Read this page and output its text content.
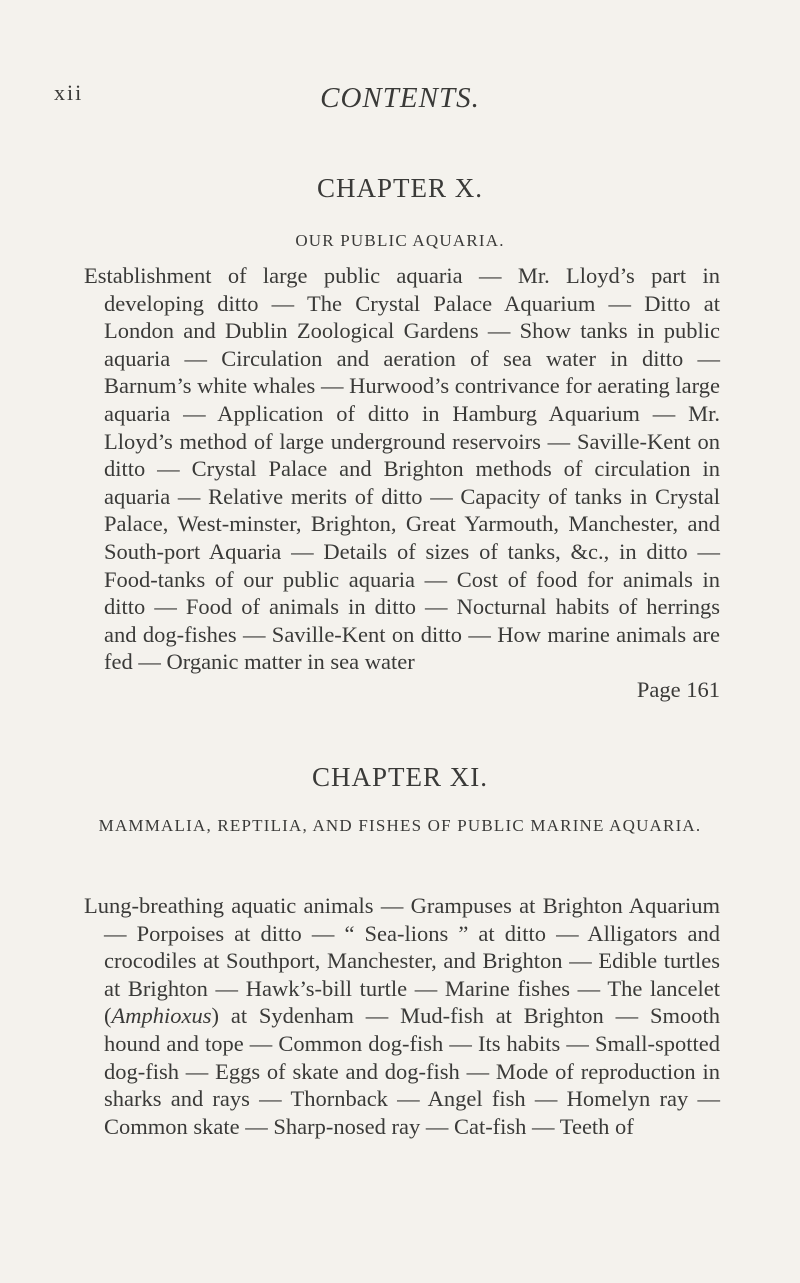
xii	CONTENTS.
CHAPTER X.
OUR PUBLIC AQUARIA.
Establishment of large public aquaria — Mr. Lloyd’s part in developing ditto — The Crystal Palace Aquarium — Ditto at London and Dublin Zoological Gardens — Show tanks in public aquaria — Circulation and aeration of sea water in ditto — Barnum’s white whales — Hurwood’s contrivance for aerating large aquaria — Application of ditto in Hamburg Aquarium — Mr. Lloyd’s method of large underground reservoirs — Saville-Kent on ditto — Crystal Palace and Brighton methods of circulation in aquaria — Relative merits of ditto — Capacity of tanks in Crystal Palace, West-minster, Brighton, Great Yarmouth, Manchester, and South-port Aquaria — Details of sizes of tanks, &c., in ditto — Food-tanks of our public aquaria — Cost of food for animals in ditto — Food of animals in ditto — Nocturnal habits of herrings and dog-fishes — Saville-Kent on ditto — How marine animals are fed — Organic matter in sea water
Page 161
CHAPTER XI.
MAMMALIA, REPTILIA, AND FISHES OF PUBLIC MARINE AQUARIA.
Lung-breathing aquatic animals — Grampuses at Brighton Aquarium — Porpoises at ditto — “ Sea-lions ” at ditto — Alligators and crocodiles at Southport, Manchester, and Brighton — Edible turtles at Brighton — Hawk’s-bill turtle — Marine fishes — The lancelet (Amphioxus) at Sydenham — Mud-fish at Brighton — Smooth hound and tope — Common dog-fish — Its habits — Small-spotted dog-fish — Eggs of skate and dog-fish — Mode of reproduction in sharks and rays — Thornback — Angel fish — Homelyn ray — Common skate — Sharp-nosed ray — Cat-fish — Teeth of
